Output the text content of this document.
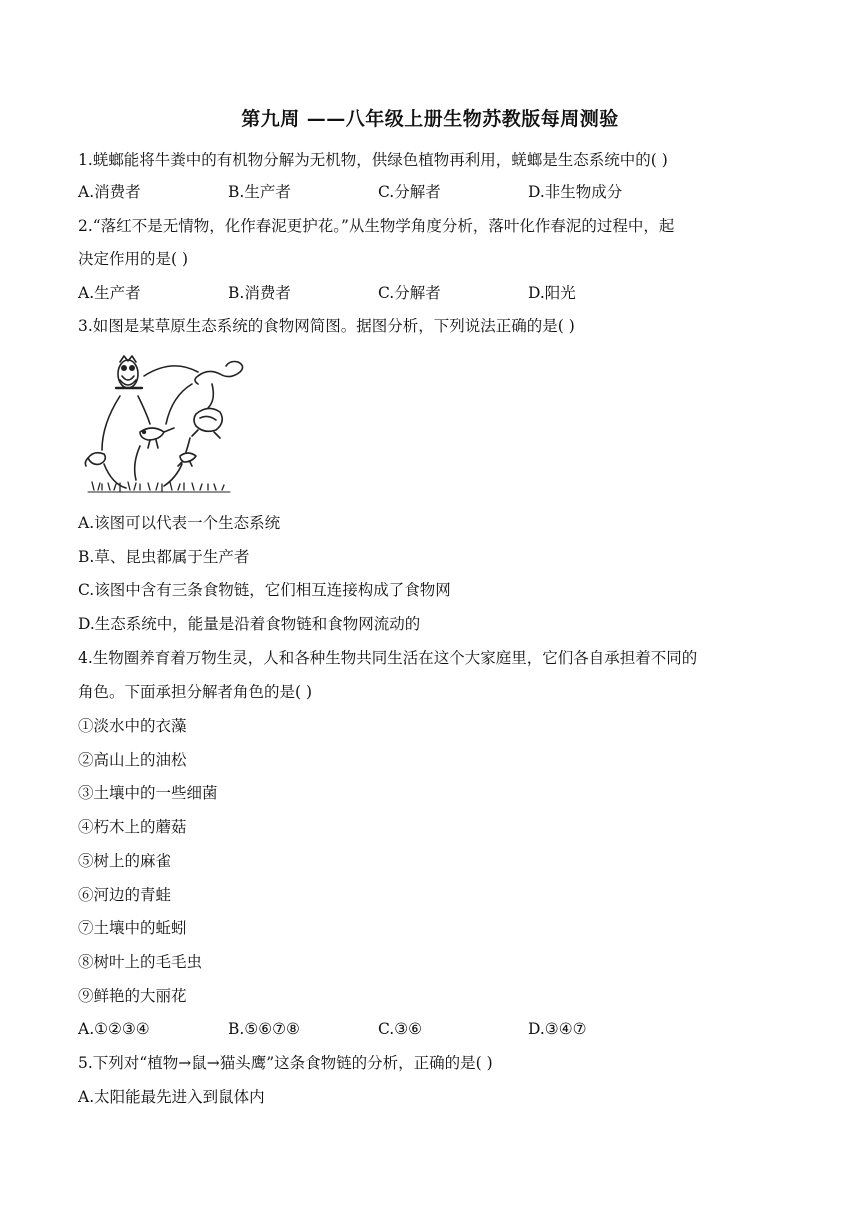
第九周 ——八年级上册生物苏教版每周测验
1.蜣螂能将牛粪中的有机物分解为无机物，供绿色植物再利用，蜣螂是生态系统中的( )
A.消费者	B.生产者	C.分解者	D.非生物成分
2.“落红不是无情物，化作春泥更护花。”从生物学角度分析，落叶化作春泥的过程中，起
决定作用的是( )
A.生产者	B.消费者	C.分解者	D.阳光
3.如图是某草原生态系统的食物网简图。据图分析，下列说法正确的是( )
A.该图可以代表一个生态系统
B.草、昆虫都属于生产者
C.该图中含有三条食物链，它们相互连接构成了食物网
D.生态系统中，能量是沿着食物链和食物网流动的
4.生物圈养育着万物生灵，人和各种生物共同生活在这个大家庭里，它们各自承担着不同的
角色。下面承担分解者角色的是( )
①淡水中的衣藻
②高山上的油松
③土壤中的一些细菌
④朽木上的蘑菇
⑤树上的麻雀
⑥河边的青蛙
⑦土壤中的蚯蚓
⑧树叶上的毛毛虫
⑨鲜艳的大丽花
A.①②③④	B.⑤⑥⑦⑧	C.③⑥	D.③④⑦
5.下列对“植物→鼠→猫头鹰”这条食物链的分析，正确的是( )
A.太阳能最先进入到鼠体内
